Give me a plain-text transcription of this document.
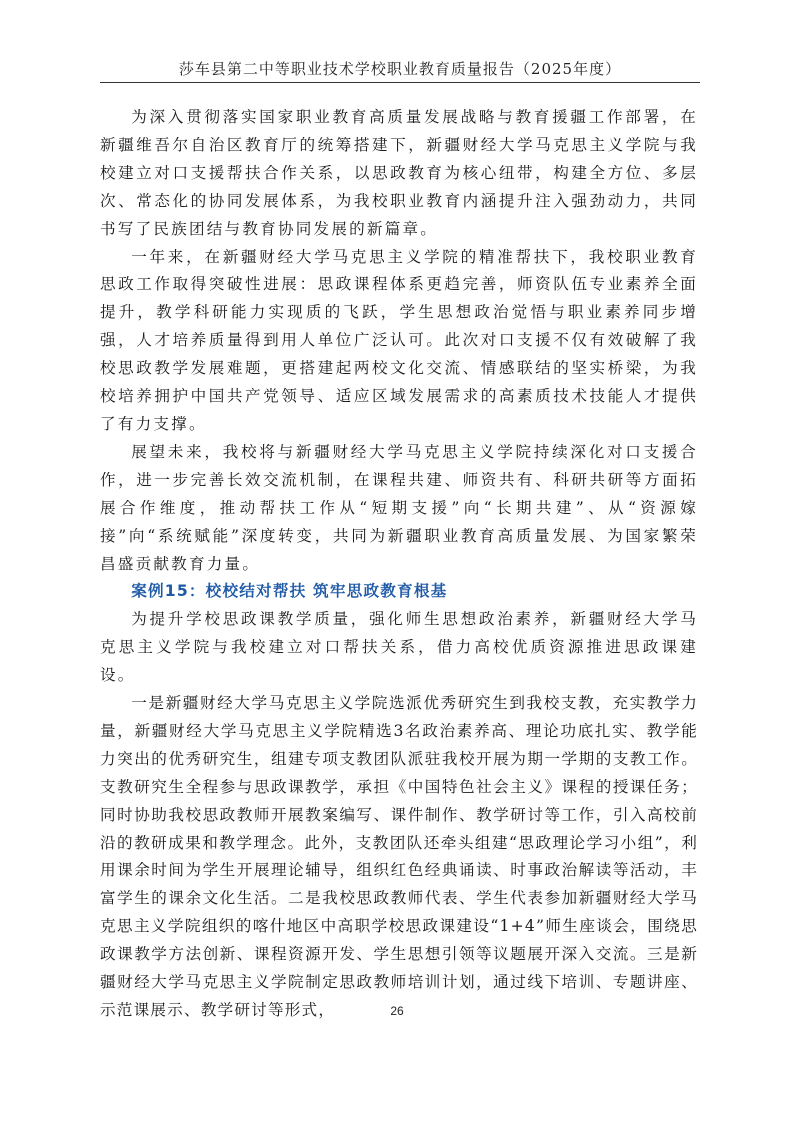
莎车县第二中等职业技术学校职业教育质量报告（2025年度）

为深入贯彻落实国家职业教育高质量发展战略与教育援疆工作部署，在新疆维吾尔自治区教育厅的统筹搭建下，新疆财经大学马克思主义学院与我校建立对口支援帮扶合作关系，以思政教育为核心纽带，构建全方位、多层次、常态化的协同发展体系，为我校职业教育内涵提升注入强劲动力，共同书写了民族团结与教育协同发展的新篇章。

一年来，在新疆财经大学马克思主义学院的精准帮扶下，我校职业教育思政工作取得突破性进展：思政课程体系更趋完善，师资队伍专业素养全面提升，教学科研能力实现质的飞跃，学生思想政治觉悟与职业素养同步增强，人才培养质量得到用人单位广泛认可。此次对口支援不仅有效破解了我校思政教学发展难题，更搭建起两校文化交流、情感联结的坚实桥梁，为我校培养拥护中国共产党领导、适应区域发展需求的高素质技术技能人才提供了有力支撑。

展望未来，我校将与新疆财经大学马克思主义学院持续深化对口支援合作，进一步完善长效交流机制，在课程共建、师资共有、科研共研等方面拓展合作维度，推动帮扶工作从“短期支援”向“长期共建”、从“资源嫁接”向“系统赋能”深度转变，共同为新疆职业教育高质量发展、为国家繁荣昌盛贡献教育力量。

案例15：校校结对帮扶 筑牢思政教育根基

为提升学校思政课教学质量，强化师生思想政治素养，新疆财经大学马克思主义学院与我校建立对口帮扶关系，借力高校优质资源推进思政课建设。

一是新疆财经大学马克思主义学院选派优秀研究生到我校支教，充实教学力量，新疆财经大学马克思主义学院精选3名政治素养高、理论功底扎实、教学能力突出的优秀研究生，组建专项支教团队派驻我校开展为期一学期的支教工作。支教研究生全程参与思政课教学，承担《中国特色社会主义》课程的授课任务；同时协助我校思政教师开展教案编写、课件制作、教学研讨等工作，引入高校前沿的教研成果和教学理念。此外，支教团队还牵头组建“思政理论学习小组”，利用课余时间为学生开展理论辅导，组织红色经典诵读、时事政治解读等活动，丰富学生的课余文化生活。二是我校思政教师代表、学生代表参加新疆财经大学马克思主义学院组织的喀什地区中高职学校思政课建设“1+4”师生座谈会，围绕思政课教学方法创新、课程资源开发、学生思想引领等议题展开深入交流。三是新疆财经大学马克思主义学院制定思政教师培训计划，通过线下培训、专题讲座、示范课展示、教学研讨等形式，	26
